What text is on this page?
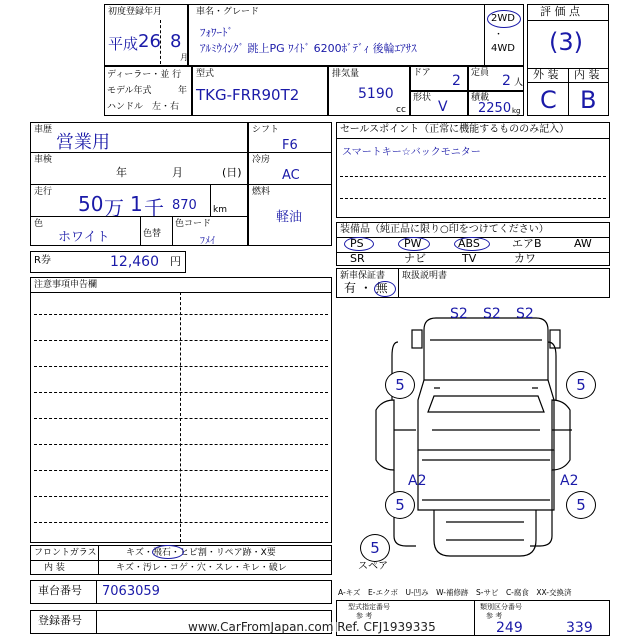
初度登録年月
平成 26 8
月
車名・グレード
ﾌｫﾜｰﾄﾞ
ｱﾙﾐｳｲﾝｸﾞ 跳上PG ﾜｲﾄﾞ 6200ﾎﾞﾃﾞｨ 後輪ｴｱｻｽ
2WD
・
4WD
評 価 点
(3)
外 装 内 装
C B
ディーラー・並 行
モデル年式	年
ハンドル　左・右
型式
TKG-FRR90T2
排気量
5190
cc
ドア 2 定員 2 人
形状
V
積載
2250 kg
車歴
営業用
車検
年	月	(日)
走行 50 万 1 千 870 km
色
ホワイト	色替
色コード
ﾌﾒｲ
シフト
F6
冷房
AC
燃料
軽油
セールスポイント（正常に機能するもののみ記入）
スマートキー☆バックモニター
装備品（純正品に限り○印をつけてください）
PS	PW	ABS	エアB	AW
SR	ナビ	TV	カワ
R券	12,460 円
新車保証書 取扱説明書
有 ・ 無
注意事項申告欄
フロントガラス	キズ・飛石・ヒビ割・リペア跡・X要
内 装	キズ・汚レ・コゲ・穴・スレ・キレ・破レ
車台番号 7063059
登録番号
S2 S2 S2
5	5
A2	A2
5	5
5
スペア
A-キズ　E-エクボ　U-凹み　W-補修跡　S-サビ　C-腐食　XX-交換済
型式指定番号
参 考
249
類別区分番号
参 考
339
www.CarFromJapan.com Ref. CFJ1939335
